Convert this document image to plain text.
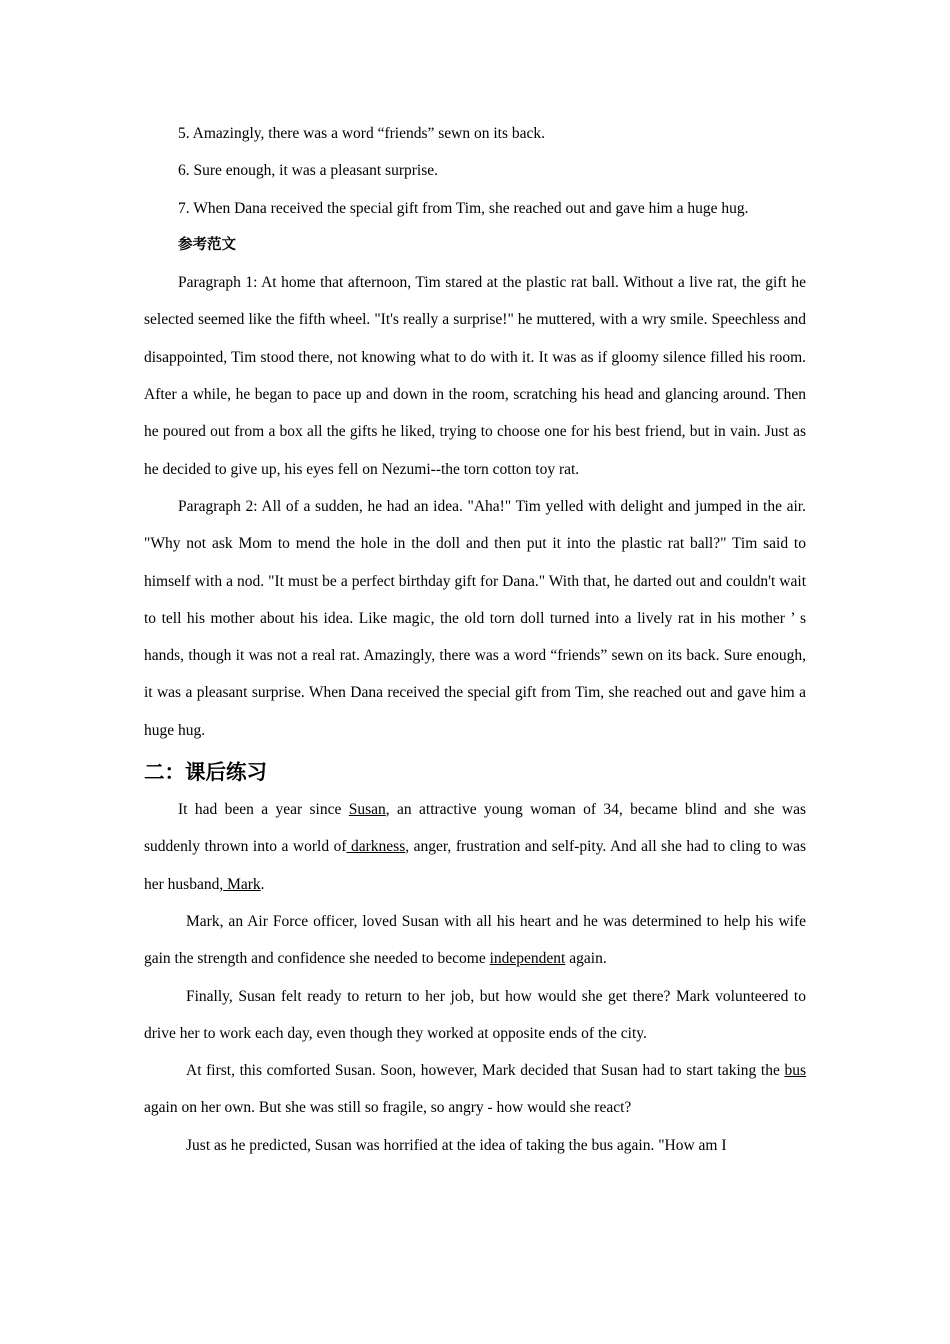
5. Amazingly, there was a word “friends” sewn on its back.

6. Sure enough, it was a pleasant surprise.

7. When Dana received the special gift from Tim, she reached out and gave him a huge hug.

参考范文

Paragraph 1: At home that afternoon, Tim stared at the plastic rat ball. Without a live rat, the gift he selected seemed like the fifth wheel. "It's really a surprise!" he muttered, with a wry smile. Speechless and disappointed, Tim stood there, not knowing what to do with it. It was as if gloomy silence filled his room. After a while, he began to pace up and down in the room, scratching his head and glancing around. Then he poured out from a box all the gifts he liked, trying to choose one for his best friend, but in vain. Just as he decided to give up, his eyes fell on Nezumi--the torn cotton toy rat.

Paragraph 2: All of a sudden, he had an idea. "Aha!" Tim yelled with delight and jumped in the air. "Why not ask Mom to mend the hole in the doll and then put it into the plastic rat ball?" Tim said to himself with a nod. "It must be a perfect birthday gift for Dana." With that, he darted out and couldn't wait to tell his mother about his idea. Like magic, the old torn doll turned into a lively rat in his mother ’ s hands, though it was not a real rat. Amazingly, there was a word “friends” sewn on its back. Sure enough, it was a pleasant surprise. When Dana received the special gift from Tim, she reached out and gave him a huge hug.

二：课后练习

It had been a year since Susan, an attractive young woman of 34, became blind and she was suddenly thrown into a world of darkness, anger, frustration and self-pity. And all she had to cling to was her husband, Mark.

Mark, an Air Force officer, loved Susan with all his heart and he was determined to help his wife gain the strength and confidence she needed to become independent again.

Finally, Susan felt ready to return to her job, but how would she get there? Mark volunteered to drive her to work each day, even though they worked at opposite ends of the city.

At first, this comforted Susan. Soon, however, Mark decided that Susan had to start taking the bus again on her own. But she was still so fragile, so angry - how would she react?

Just as he predicted, Susan was horrified at the idea of taking the bus again. "How am I
